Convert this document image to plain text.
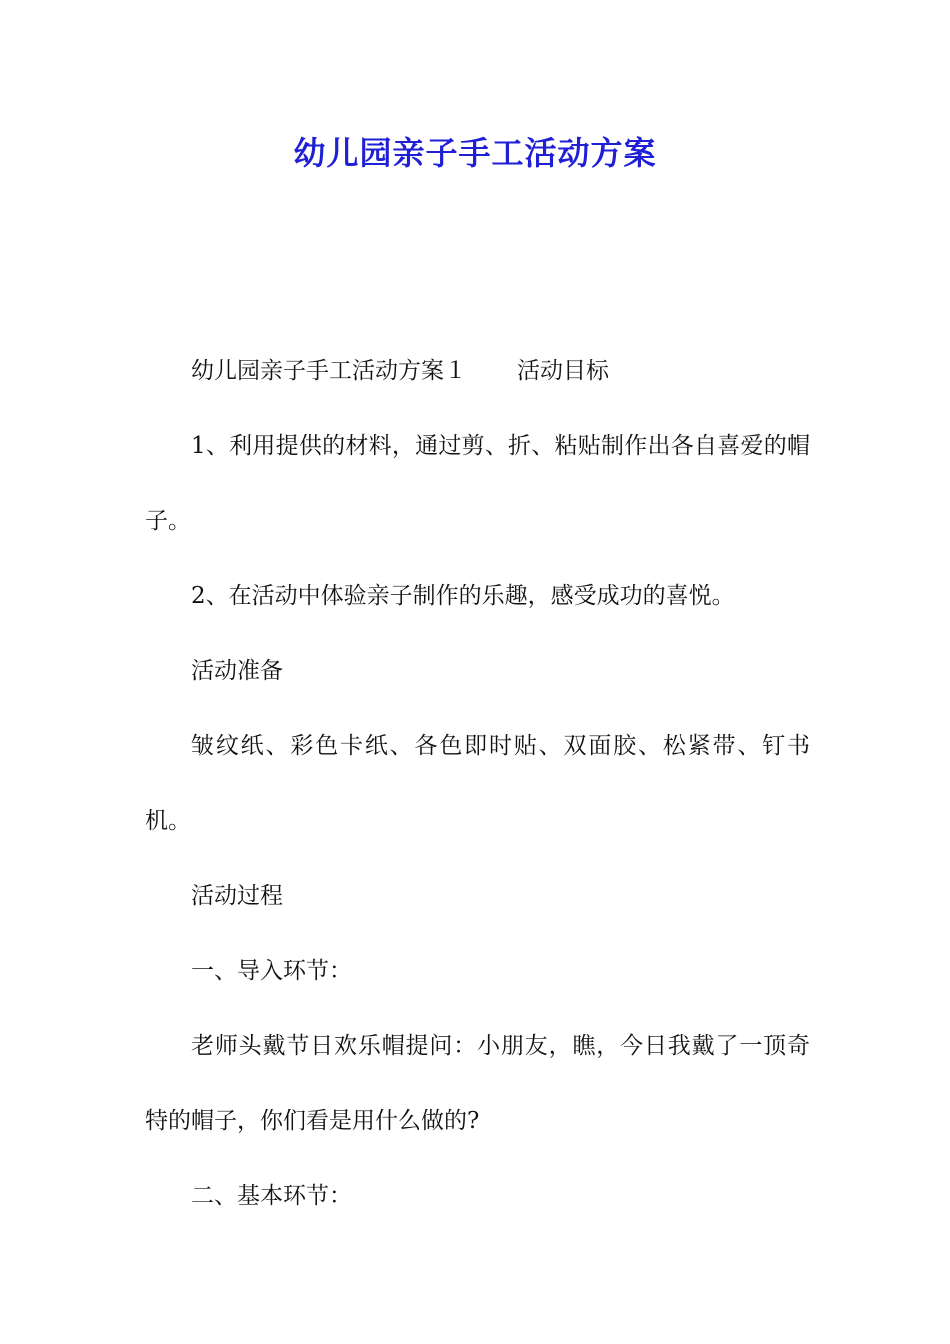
幼儿园亲子手工活动方案

幼儿园亲子手工活动方案１ 活动目标

1、利用提供的材料，通过剪、折、粘贴制作出各自喜爱的帽子。

2、在活动中体验亲子制作的乐趣，感受成功的喜悦。

活动准备

皱纹纸、彩色卡纸、各色即时贴、双面胶、松紧带、钉书机。

活动过程

一、导入环节：

老师头戴节日欢乐帽提问：小朋友，瞧，今日我戴了一顶奇特的帽子，你们看是用什么做的?

二、基本环节：
